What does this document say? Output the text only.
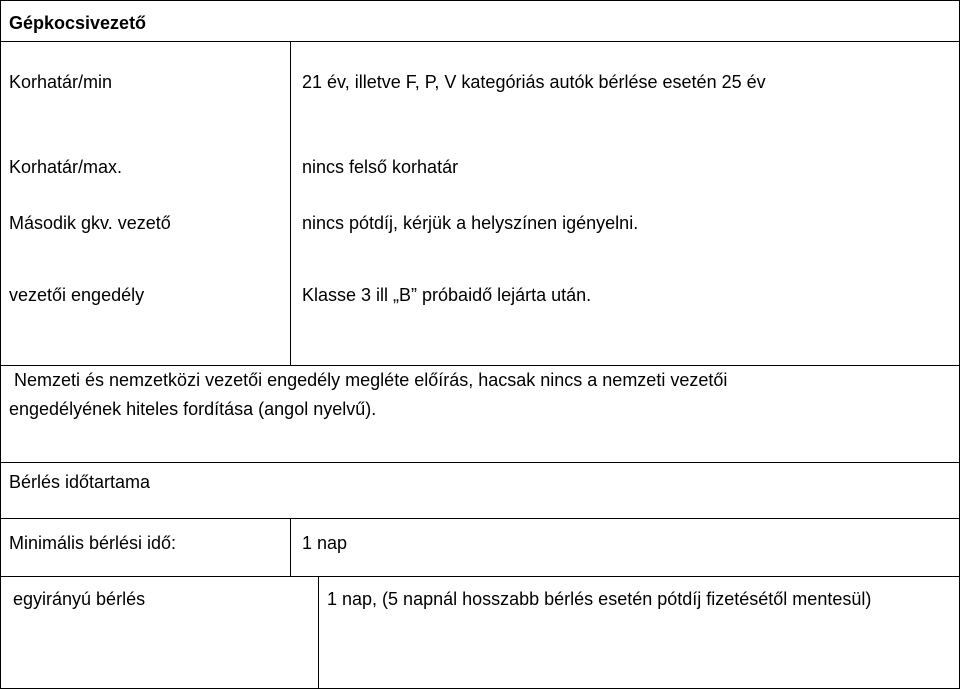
Gépkocsivezető
Korhatár/min	21 év, illetve F, P, V kategóriás autók bérlése esetén 25 év
Korhatár/max.	nincs felső korhatár
Második gkv. vezető	nincs pótdíj, kérjük a helyszínen igényelni.
vezetői engedély	Klasse 3 ill „B” próbaidő lejárta után.
Nemzeti és nemzetközi vezetői engedély megléte előírás, hacsak nincs a nemzeti vezetői
engedélyének hiteles fordítása (angol nyelvű).
Bérlés időtartama
Minimális bérlési idő:	1 nap
egyirányú bérlés	1 nap, (5 napnál hosszabb bérlés esetén pótdíj fizetésétől mentesül)
